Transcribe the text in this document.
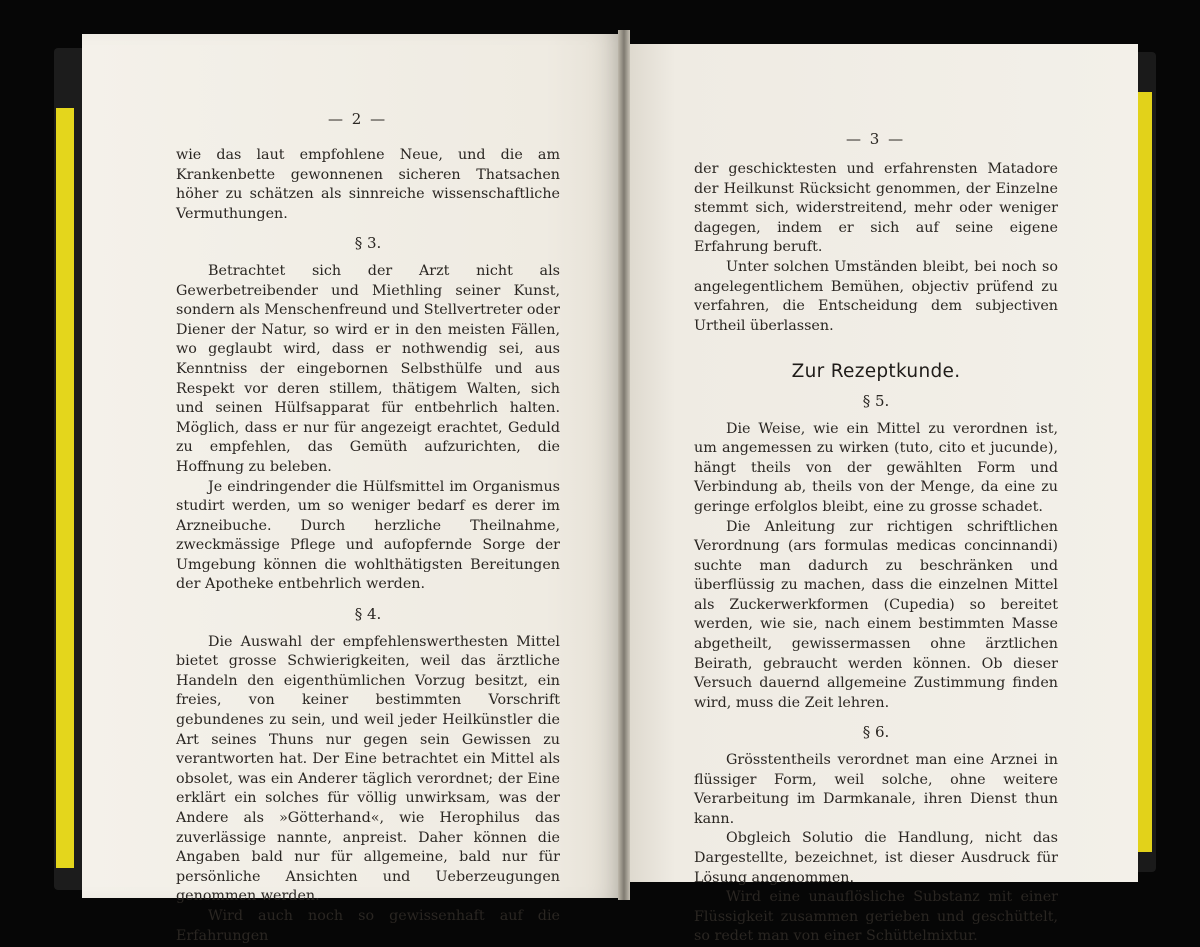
— 2 —
— 3 —

wie das laut empfohlene Neue, und die am Krankenbette gewonnenen sicheren Thatsachen höher zu schätzen als sinnreiche wissenschaftliche Vermuthungen.

§ 3.

Betrachtet sich der Arzt nicht als Gewerbetreibender und Miethling seiner Kunst, sondern als Menschenfreund und Stellvertreter oder Diener der Natur, so wird er in den meisten Fällen, wo geglaubt wird, dass er nothwendig sei, aus Kenntniss der eingebornen Selbsthülfe und aus Respekt vor deren stillem, thätigem Walten, sich und seinen Hülfsapparat für entbehrlich halten. Möglich, dass er nur für angezeigt erachtet, Geduld zu empfehlen, das Gemüth aufzurichten, die Hoffnung zu beleben.

Je eindringender die Hülfsmittel im Organismus studirt werden, um so weniger bedarf es derer im Arzneibuche. Durch herzliche Theilnahme, zweckmässige Pflege und aufopfernde Sorge der Umgebung können die wohlthätigsten Bereitungen der Apotheke entbehrlich werden.

§ 4.

Die Auswahl der empfehlenswerthesten Mittel bietet grosse Schwierigkeiten, weil das ärztliche Handeln den eigenthümlichen Vorzug besitzt, ein freies, von keiner bestimmten Vorschrift gebundenes zu sein, und weil jeder Heilkünstler die Art seines Thuns nur gegen sein Gewissen zu verantworten hat. Der Eine betrachtet ein Mittel als obsolet, was ein Anderer täglich verordnet; der Eine erklärt ein solches für völlig unwirksam, was der Andere als »Götterhand«, wie Herophilus das zuverlässige nannte, anpreist. Daher können die Angaben bald nur für allgemeine, bald nur für persönliche Ansichten und Ueberzeugungen genommen werden.

Wird auch noch so gewissenhaft auf die Erfahrungen

der geschicktesten und erfahrensten Matadore der Heilkunst Rücksicht genommen, der Einzelne stemmt sich, widerstreitend, mehr oder weniger dagegen, indem er sich auf seine eigene Erfahrung beruft.

Unter solchen Umständen bleibt, bei noch so angelegentlichem Bemühen, objectiv prüfend zu verfahren, die Entscheidung dem subjectiven Urtheil überlassen.

Zur Rezeptkunde.
§ 5.

Die Weise, wie ein Mittel zu verordnen ist, um angemessen zu wirken (tuto, cito et jucunde), hängt theils von der gewählten Form und Verbindung ab, theils von der Menge, da eine zu geringe erfolglos bleibt, eine zu grosse schadet.

Die Anleitung zur richtigen schriftlichen Verordnung (ars formulas medicas concinnandi) suchte man dadurch zu beschränken und überflüssig zu machen, dass die einzelnen Mittel als Zuckerwerkformen (Cupedia) so bereitet werden, wie sie, nach einem bestimmten Masse abgetheilt, gewissermassen ohne ärztlichen Beirath, gebraucht werden können. Ob dieser Versuch dauernd allgemeine Zustimmung finden wird, muss die Zeit lehren.

§ 6.

Grösstentheils verordnet man eine Arznei in flüssiger Form, weil solche, ohne weitere Verarbeitung im Darmkanale, ihren Dienst thun kann.

Obgleich Solutio die Handlung, nicht das Dargestellte, bezeichnet, ist dieser Ausdruck für Lösung angenommen.

Wird eine unauflösliche Substanz mit einer Flüssigkeit zusammen gerieben und geschüttelt, so redet man von einer Schüttelmixtur.
